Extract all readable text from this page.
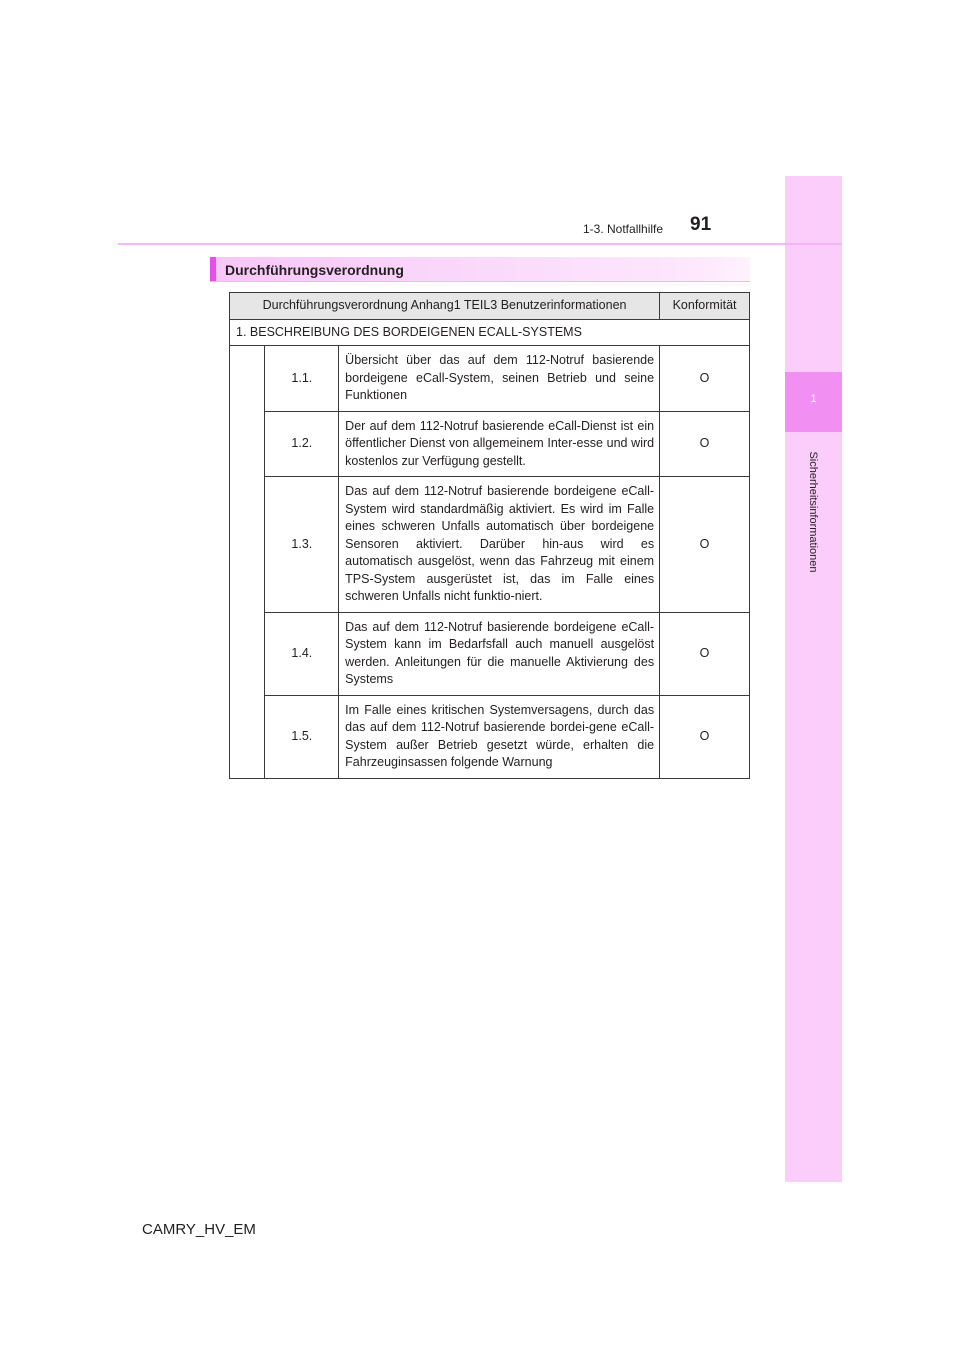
1
Sicherheitsinformationen
1-3. Notfallhilfe 91
Durchführungsverordnung
Durchführungsverordnung Anhang1 TEIL3 Benutzerinformationen			Konformität
1. BESCHREIBUNG DES BORDEIGENEN ECALL-SYSTEMS			
	1.1.	Übersicht über das auf dem 112-Notruf basierende bordeigene eCall-System, seinen Betrieb und seine Funktionen	O
	1.2.	Der auf dem 112-Notruf basierende eCall-Dienst ist ein öffentlicher Dienst von allgemeinem Inter-esse und wird kostenlos zur Verfügung gestellt.	O
	1.3.	Das auf dem 112-Notruf basierende bordeigene eCall-System wird standardmäßig aktiviert. Es wird im Falle eines schweren Unfalls automatisch über bordeigene Sensoren aktiviert. Darüber hin-aus wird es automatisch ausgelöst, wenn das Fahrzeug mit einem TPS-System ausgerüstet ist, das im Falle eines schweren Unfalls nicht funktio-niert.	O
	1.4.	Das auf dem 112-Notruf basierende bordeigene eCall-System kann im Bedarfsfall auch manuell ausgelöst werden. Anleitungen für die manuelle Aktivierung des Systems	O
	1.5.	Im Falle eines kritischen Systemversagens, durch das das auf dem 112-Notruf basierende bordei-gene eCall-System außer Betrieb gesetzt würde, erhalten die Fahrzeuginsassen folgende Warnung	O
CAMRY_HV_EM
